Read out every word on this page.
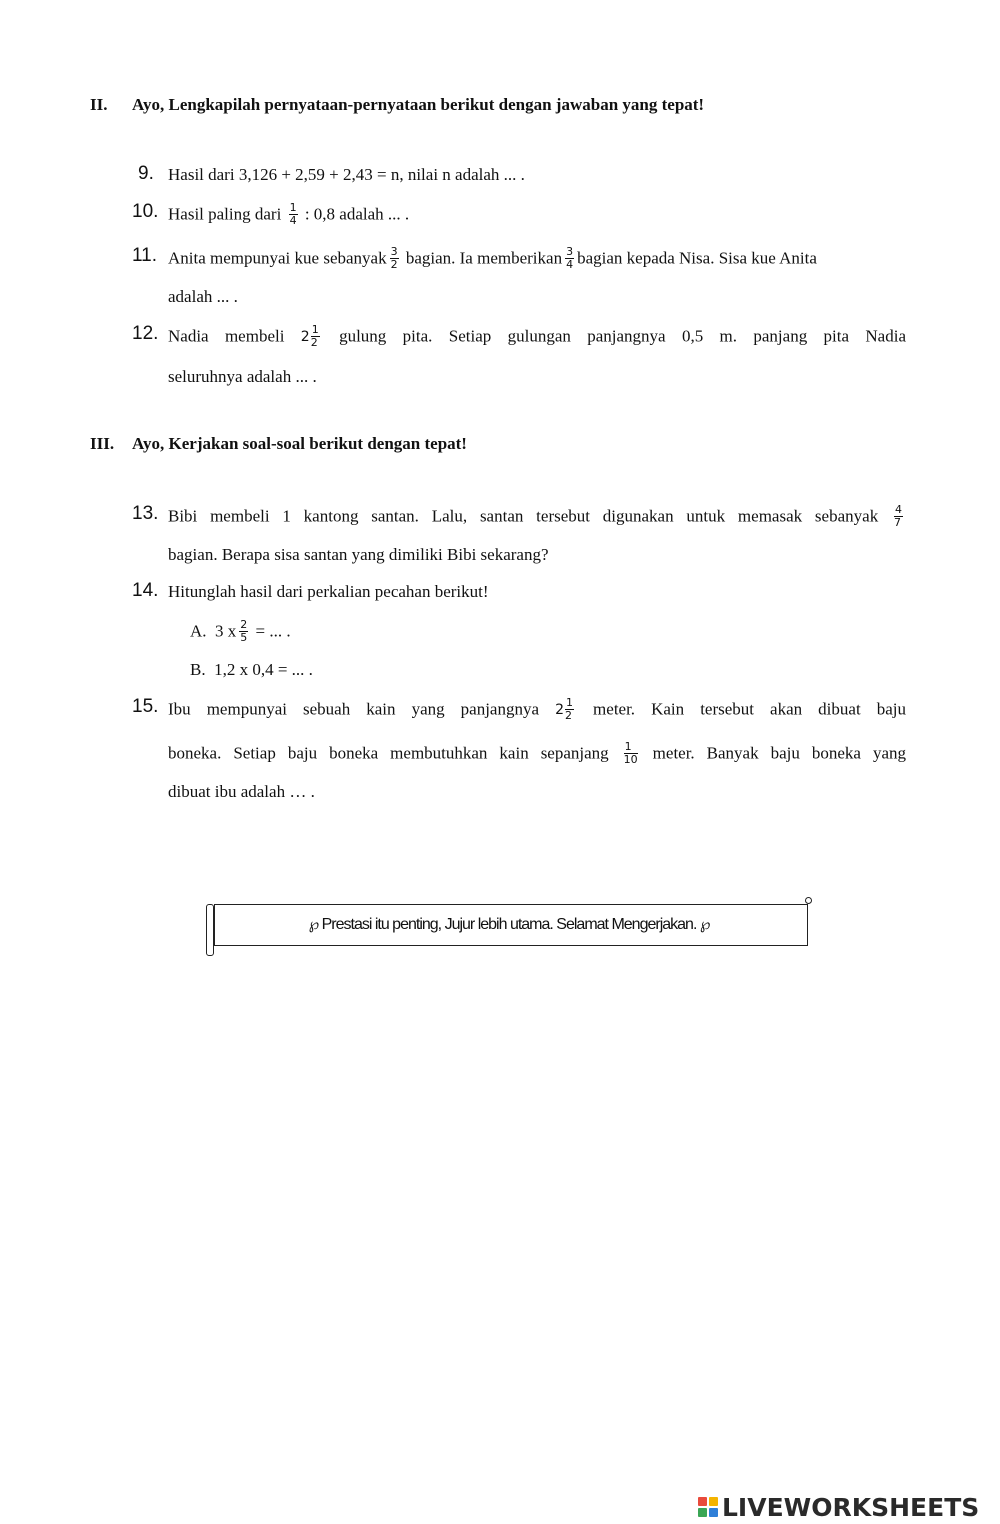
II. Ayo, Lengkapilah pernyataan-pernyataan berikut dengan jawaban yang tepat!
9. Hasil dari 3,126 + 2,59 + 2,43 = n, nilai n adalah ... .
10. Hasil paling dari $\frac{1}{4}$ : 0,8 adalah ... .
11. Anita mempunyai kue sebanyak $\frac{3}{2}$ bagian. Ia memberikan $\frac{3}{4}$ bagian kepada Nisa. Sisa kue Anita
adalah ... .
12. Nadia membeli $2 \frac{1}{2}$ gulung pita. Setiap gulungan panjangnya 0,5 m. panjang pita Nadia
seluruhnya adalah ... .
III. Ayo, Kerjakan soal-soal berikut dengan tepat!
13. Bibi membeli 1 kantong santan. Lalu, santan tersebut digunakan untuk memasak sebanyak $\frac{4}{7}$
bagian. Berapa sisa santan yang dimiliki Bibi sekarang?
14. Hitunglah hasil dari perkalian pecahan berikut!
A. 3 x $\frac{2}{5}$ = ... .
B. 1,2 x 0,4 = ... .
15. Ibu mempunyai sebuah kain yang panjangnya $2 \frac{1}{2}$ meter. Kain tersebut akan dibuat baju
boneka. Setiap baju boneka membutuhkan kain sepanjang $\frac{1}{10}$ meter. Banyak baju boneka yang
dibuat ibu adalah … .
℘ Prestasi itu penting, Jujur lebih utama. Selamat Mengerjakan. ℘
LIVEWORKSHEETS
